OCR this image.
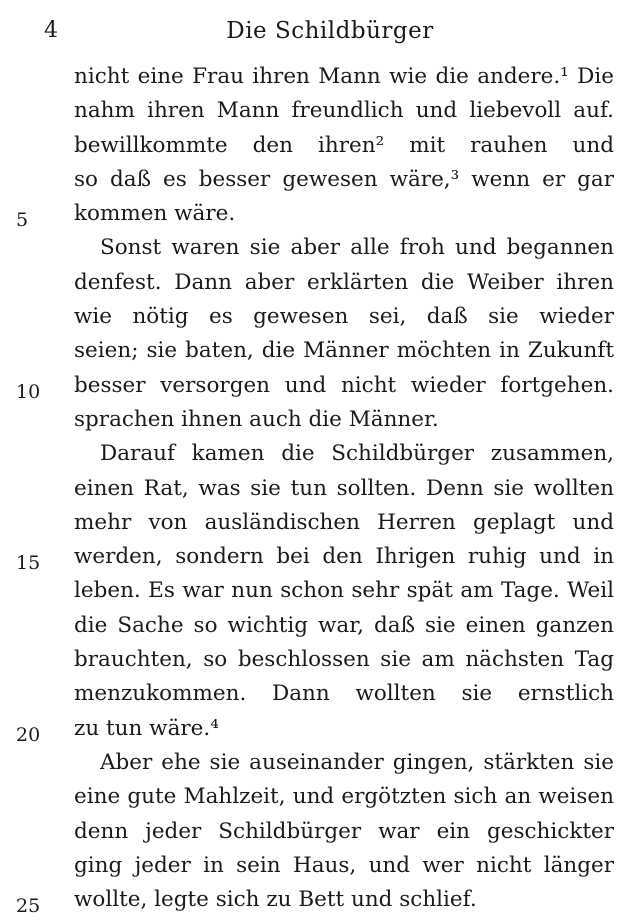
4	Die Schildbürger
nicht eine Frau ihren Mann wie die andere.¹ Die
nahm ihren Mann freundlich und liebevoll auf.
bewillkommte den ihren² mit rauhen und
so daß es besser gewesen wäre,³ wenn er gar
5	kommen wäre.
Sonst waren sie aber alle froh und begannen
denfest. Dann aber erklärten die Weiber ihren
wie nötig es gewesen sei, daß sie wieder
seien; sie baten, die Männer möchten in Zukunft
10	besser versorgen und nicht wieder fortgehen.
sprachen ihnen auch die Männer.
Darauf kamen die Schildbürger zusammen,
einen Rat, was sie tun sollten. Denn sie wollten
mehr von ausländischen Herren geplagt und
15	werden, sondern bei den Ihrigen ruhig und in
leben. Es war nun schon sehr spät am Tage. Weil
die Sache so wichtig war, daß sie einen ganzen
brauchten, so beschlossen sie am nächsten Tag
menzukommen. Dann wollten sie ernstlich
20	zu tun wäre.⁴
Aber ehe sie auseinander gingen, stärkten sie
eine gute Mahlzeit, und ergötzten sich an weisen
denn jeder Schildbürger war ein geschickter
ging jeder in sein Haus, und wer nicht länger
25	wollte, legte sich zu Bett und schlief.
